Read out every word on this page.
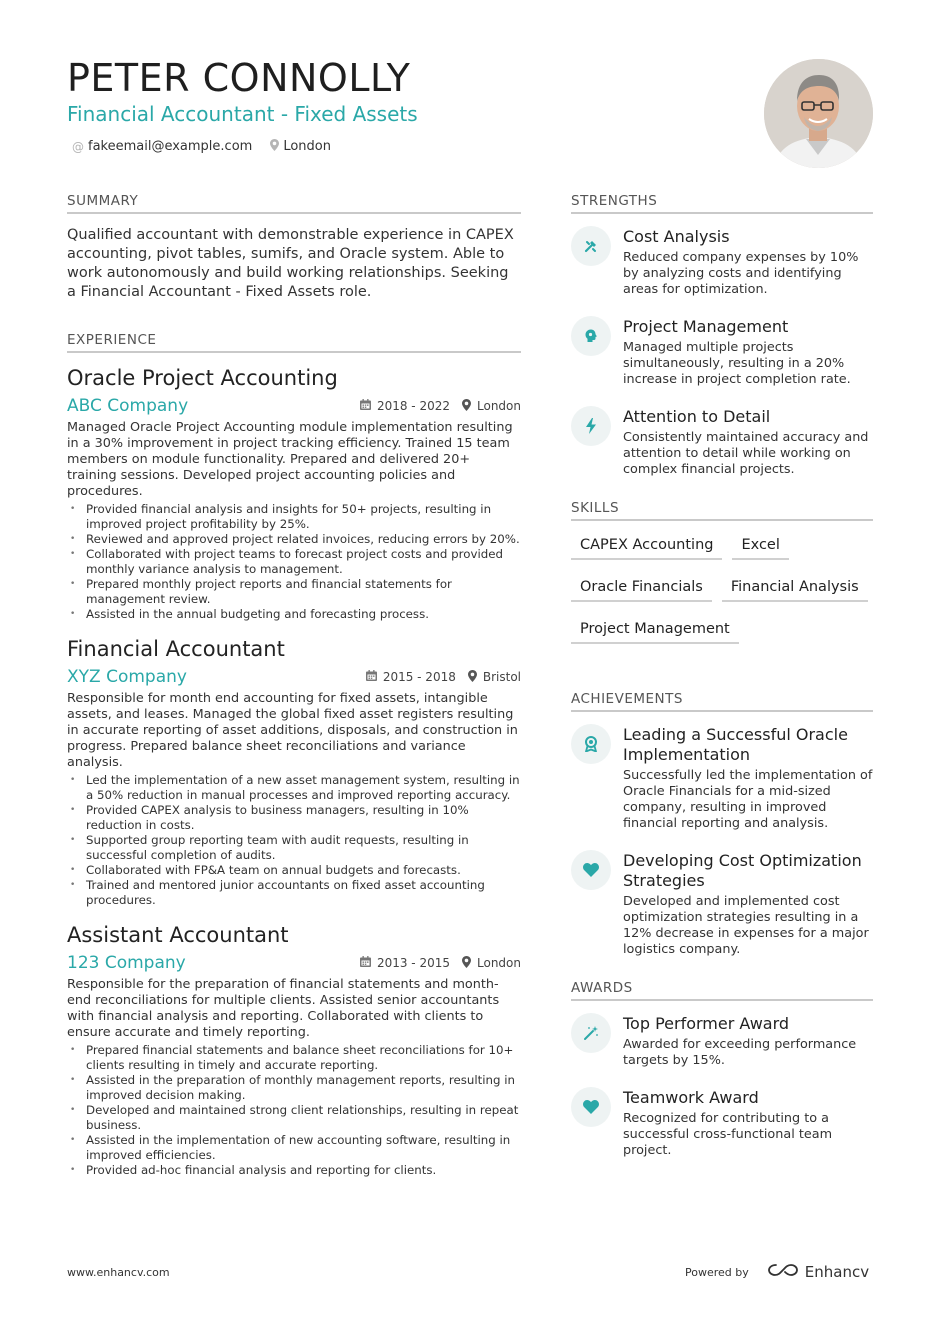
PETER CONNOLLY
Financial Accountant - Fixed Assets
@ fakeemail@example.com London
SUMMARY
Qualified accountant with demonstrable experience in CAPEX accounting, pivot tables, sumifs, and Oracle system. Able to work autonomously and build working relationships. Seeking a Financial Accountant - Fixed Assets role.
EXPERIENCE
Oracle Project Accounting
ABC Company	2018 - 2022 London
Managed Oracle Project Accounting module implementation resulting in a 30% improvement in project tracking efficiency. Trained 15 team members on module functionality. Prepared and delivered 20+ training sessions. Developed project accounting policies and procedures.
• Provided financial analysis and insights for 50+ projects, resulting in improved project profitability by 25%.
• Reviewed and approved project related invoices, reducing errors by 20%.
• Collaborated with project teams to forecast project costs and provided monthly variance analysis to management.
• Prepared monthly project reports and financial statements for management review.
• Assisted in the annual budgeting and forecasting process.
Financial Accountant
XYZ Company	2015 - 2018 Bristol
Responsible for month end accounting for fixed assets, intangible assets, and leases. Managed the global fixed asset registers resulting in accurate reporting of asset additions, disposals, and construction in progress. Prepared balance sheet reconciliations and variance analysis.
• Led the implementation of a new asset management system, resulting in a 50% reduction in manual processes and improved reporting accuracy.
• Provided CAPEX analysis to business managers, resulting in 10% reduction in costs.
• Supported group reporting team with audit requests, resulting in successful completion of audits.
• Collaborated with FP&A team on annual budgets and forecasts.
• Trained and mentored junior accountants on fixed asset accounting procedures.
Assistant Accountant
123 Company	2013 - 2015 London
Responsible for the preparation of financial statements and month-end reconciliations for multiple clients. Assisted senior accountants with financial analysis and reporting. Collaborated with clients to ensure accurate and timely reporting.
• Prepared financial statements and balance sheet reconciliations for 10+ clients resulting in timely and accurate reporting.
• Assisted in the preparation of monthly management reports, resulting in improved decision making.
• Developed and maintained strong client relationships, resulting in repeat business.
• Assisted in the implementation of new accounting software, resulting in improved efficiencies.
• Provided ad-hoc financial analysis and reporting for clients.
STRENGTHS
Cost Analysis
Reduced company expenses by 10% by analyzing costs and identifying areas for optimization.
Project Management
Managed multiple projects simultaneously, resulting in a 20% increase in project completion rate.
Attention to Detail
Consistently maintained accuracy and attention to detail while working on complex financial projects.
SKILLS
CAPEX Accounting	Excel
Oracle Financials	Financial Analysis
Project Management
ACHIEVEMENTS
Leading a Successful Oracle Implementation
Successfully led the implementation of Oracle Financials for a mid-sized company, resulting in improved financial reporting and analysis.
Developing Cost Optimization Strategies
Developed and implemented cost optimization strategies resulting in a 12% decrease in expenses for a major logistics company.
AWARDS
Top Performer Award
Awarded for exceeding performance targets by 15%.
Teamwork Award
Recognized for contributing to a successful cross-functional team project.
www.enhancv.com	Powered by	Enhancv
